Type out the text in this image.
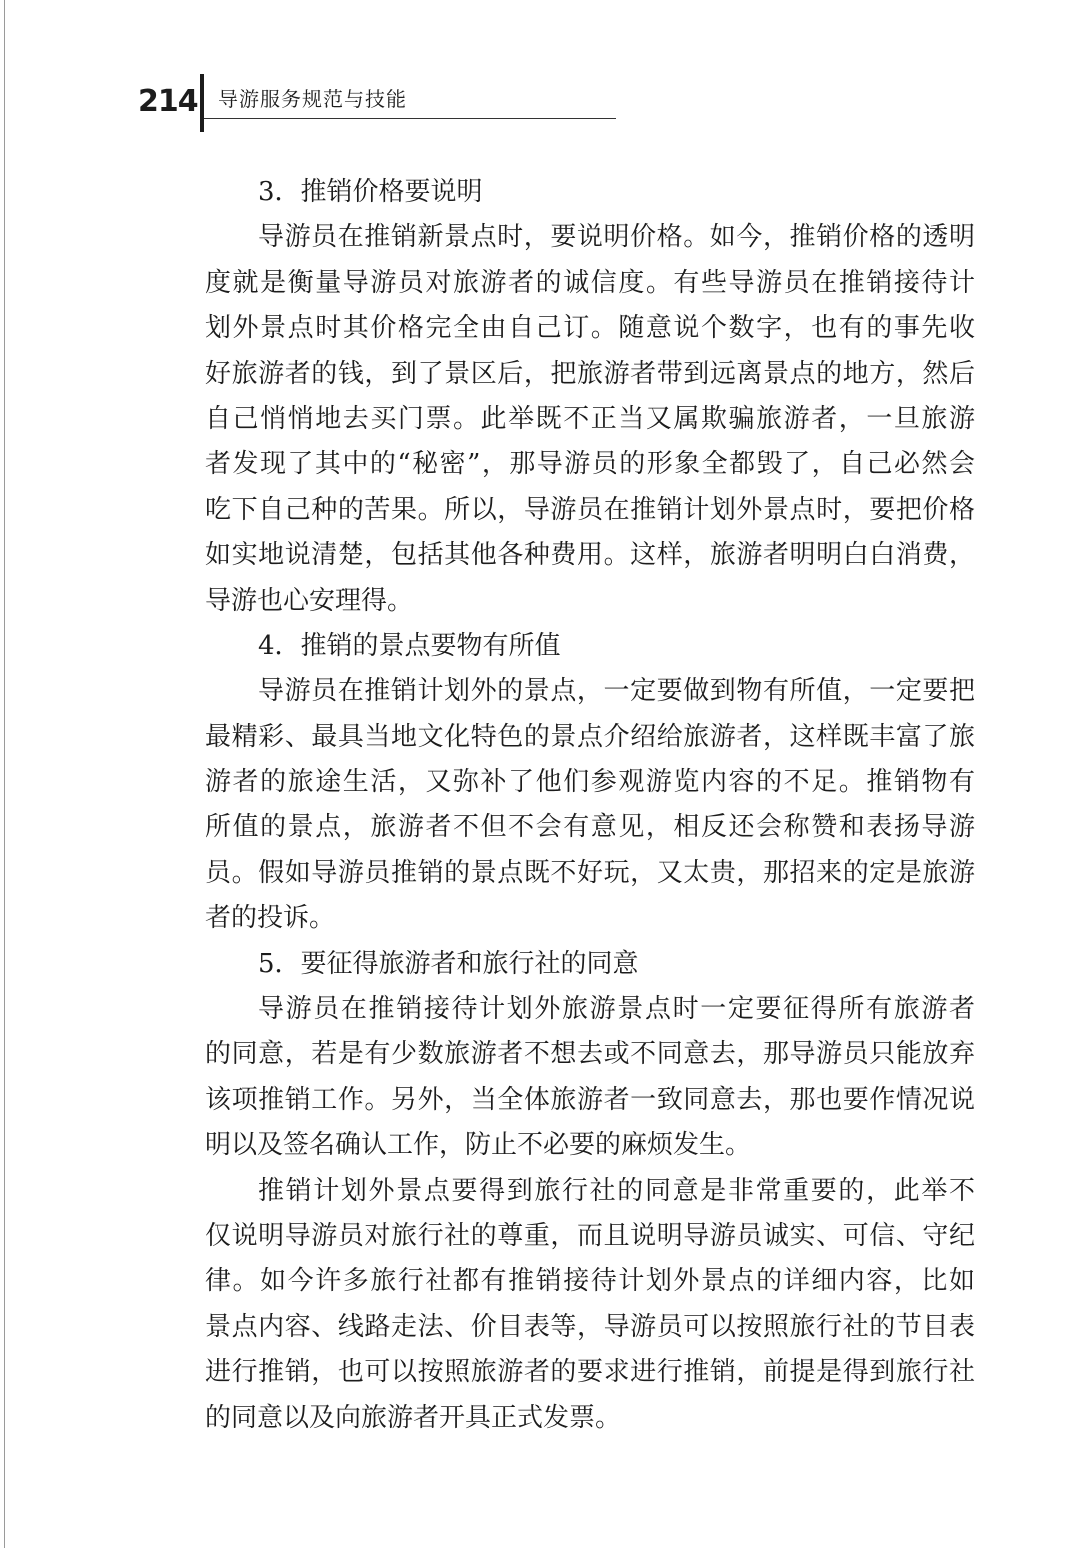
214 导游服务规范与技能
3．推销价格要说明
导游员在推销新景点时，要说明价格。如今，推销价格的透明
度就是衡量导游员对旅游者的诚信度。有些导游员在推销接待计
划外景点时其价格完全由自己订。随意说个数字，也有的事先收
好旅游者的钱，到了景区后，把旅游者带到远离景点的地方，然后
自己悄悄地去买门票。此举既不正当又属欺骗旅游者，一旦旅游
者发现了其中的“秘密”，那导游员的形象全都毁了，自己必然会
吃下自己种的苦果。所以，导游员在推销计划外景点时，要把价格
如实地说清楚，包括其他各种费用。这样，旅游者明明白白消费，
导游也心安理得。
4．推销的景点要物有所值
导游员在推销计划外的景点，一定要做到物有所值，一定要把
最精彩、最具当地文化特色的景点介绍给旅游者，这样既丰富了旅
游者的旅途生活，又弥补了他们参观游览内容的不足。推销物有
所值的景点，旅游者不但不会有意见，相反还会称赞和表扬导游
员。假如导游员推销的景点既不好玩，又太贵，那招来的定是旅游
者的投诉。
5．要征得旅游者和旅行社的同意
导游员在推销接待计划外旅游景点时一定要征得所有旅游者
的同意，若是有少数旅游者不想去或不同意去，那导游员只能放弃
该项推销工作。另外，当全体旅游者一致同意去，那也要作情况说
明以及签名确认工作，防止不必要的麻烦发生。
推销计划外景点要得到旅行社的同意是非常重要的，此举不
仅说明导游员对旅行社的尊重，而且说明导游员诚实、可信、守纪
律。如今许多旅行社都有推销接待计划外景点的详细内容，比如
景点内容、线路走法、价目表等，导游员可以按照旅行社的节目表
进行推销，也可以按照旅游者的要求进行推销，前提是得到旅行社
的同意以及向旅游者开具正式发票。
